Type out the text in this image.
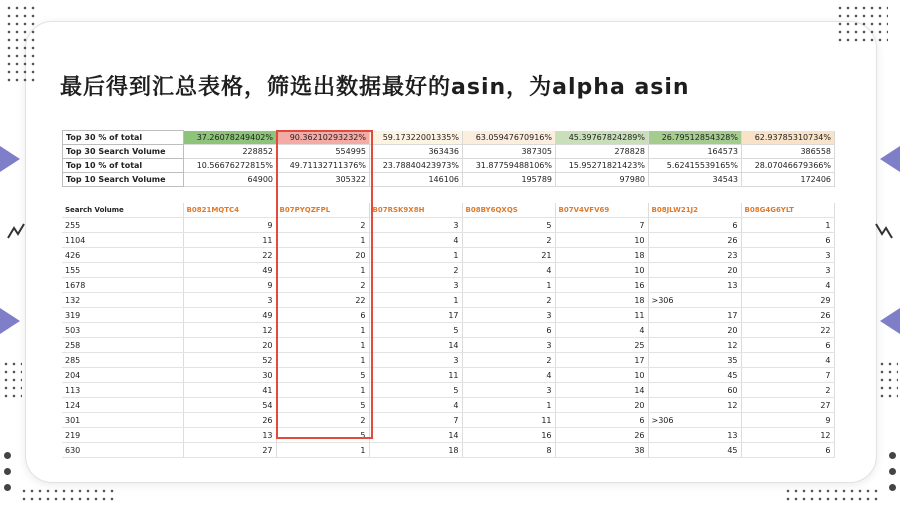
最后得到汇总表格，筛选出数据最好的asin，为alpha asin
Top 30 % of total	37.26078249402%	90.36210293232%	59.17322001335%	63.05947670916%	45.39767824289%	26.79512854328%	62.93785310734%
Top 30 Search Volume	228852	554995	363436	387305	278828	164573	386558
Top 10 % of total	10.56676272815%	49.71132711376%	23.78840423973%	31.87759488106%	15.95271821423%	5.62415539165%	28.07046679366%
Top 10 Search Volume	64900	305322	146106	195789	97980	34543	172406
Search Volume	B0821MQTC4	B07PYQZFPL	B07RSK9X8H	B08BY6QXQS	B07V4VFV69	B08JLW21J2	B08G4G6YLT
255	9	2	3	5	7	6	1
1104	11	1	4	2	10	26	6
426	22	20	1	21	18	23	3
155	49	1	2	4	10	20	3
1678	9	2	3	1	16	13	4
132	3	22	1	2	18	>306	29
319	49	6	17	3	11	17	26
503	12	1	5	6	4	20	22
258	20	1	14	3	25	12	6
285	52	1	3	2	17	35	4
204	30	5	11	4	10	45	7
113	41	1	5	3	14	60	2
124	54	5	4	1	20	12	27
301	26	2	7	11	6	>306	9
219	13	5	14	16	26	13	12
630	27	1	18	8	38	45	6
